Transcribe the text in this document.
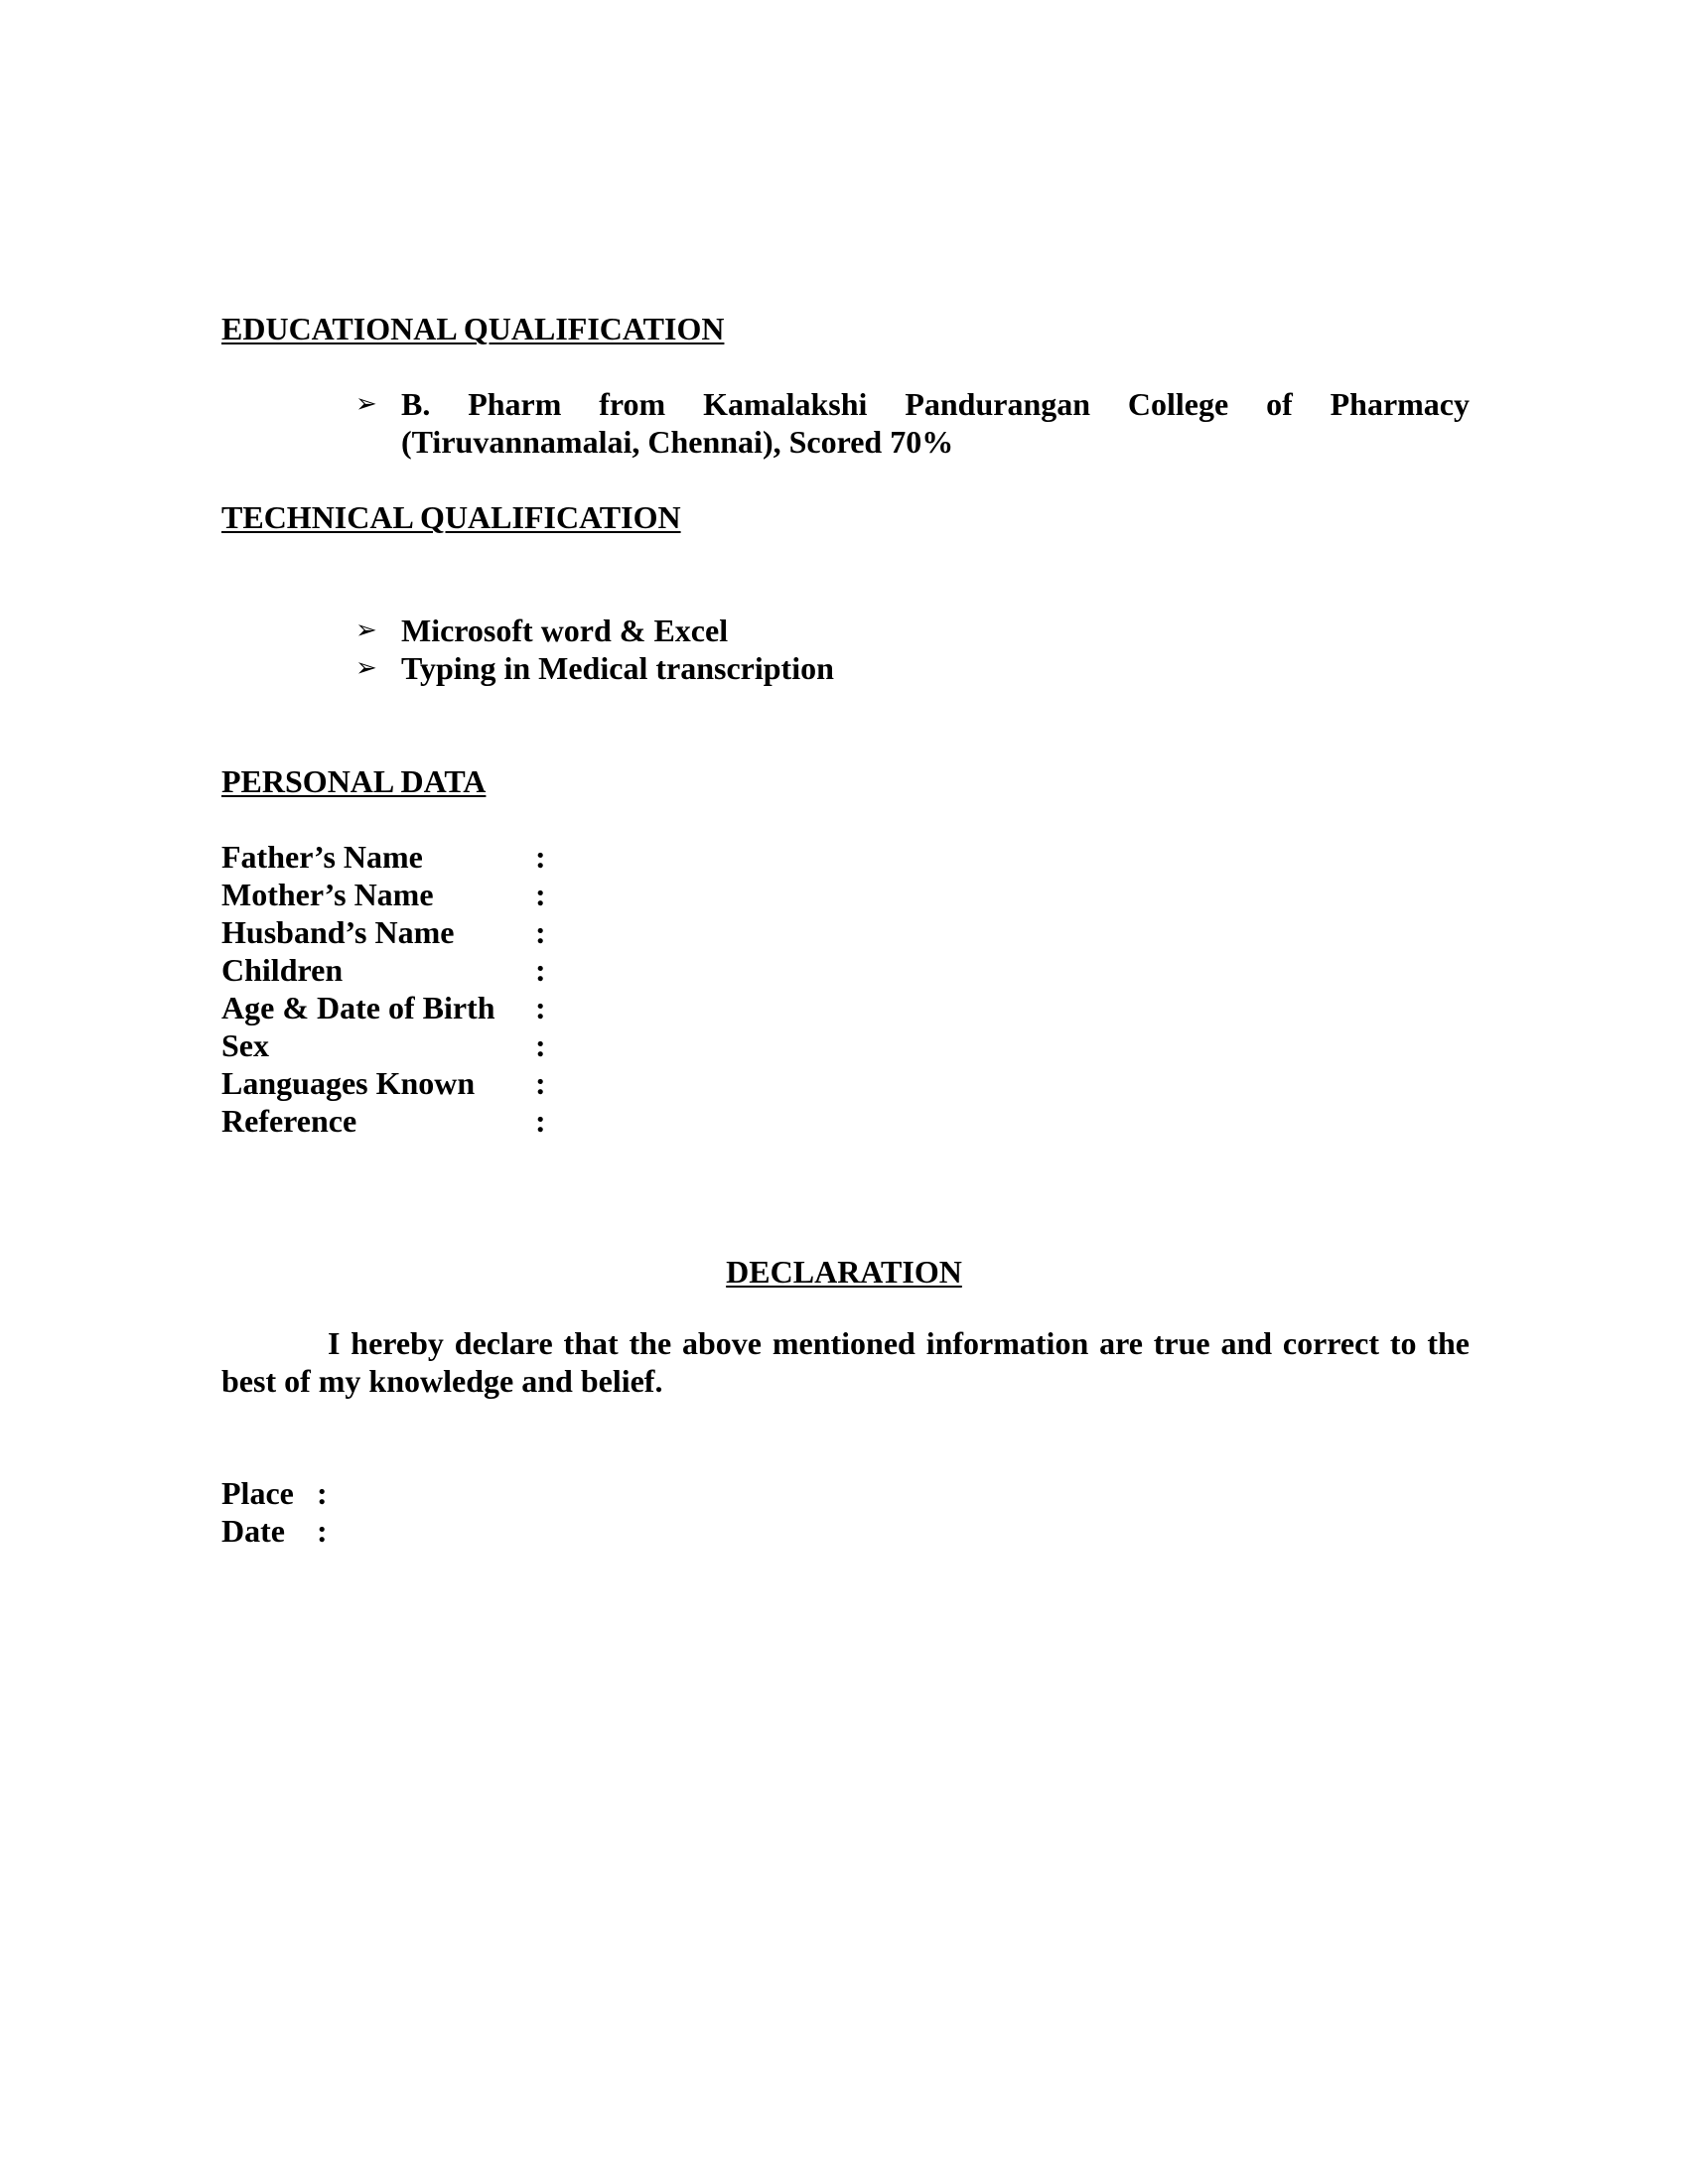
EDUCATIONAL QUALIFICATION
➢ B. Pharm from Kamalakshi Pandurangan College of Pharmacy
(Tiruvannamalai, Chennai), Scored 70%
TECHNICAL QUALIFICATION
➢ Microsoft word & Excel
➢ Typing in Medical transcription
PERSONAL DATA
Father’s Name	:
Mother’s Name	:
Husband’s Name	:
Children	:
Age & Date of Birth	:
Sex	:
Languages Known	:
Reference	:
DECLARATION

I hereby declare that the above mentioned information are true and correct to the best of my knowledge and belief.

Place	:
Date	:
